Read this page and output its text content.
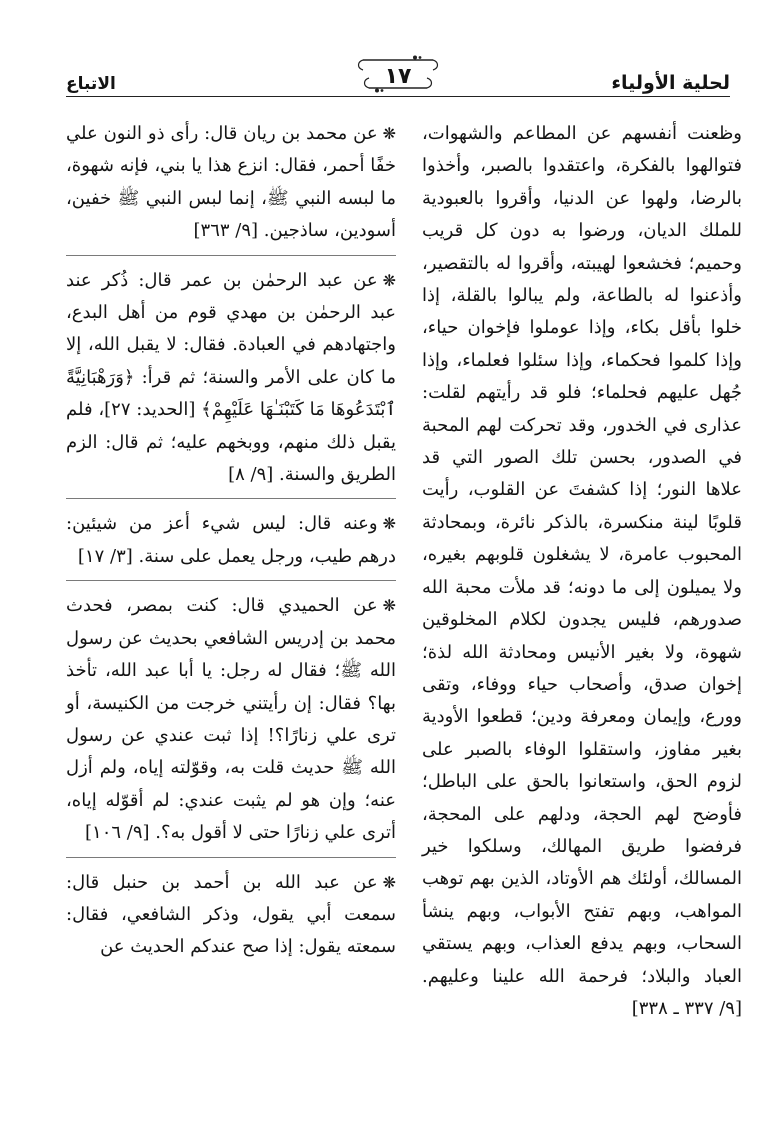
لحلية الأولياء
١٧
الاتباع

وظعنت أنفسهم عن المطاعم والشهوات، فتوالهوا بالفكرة، واعتقدوا بالصبر، وأخذوا بالرضا، ولهوا عن الدنيا، وأقروا بالعبودية للملك الديان، ورضوا به دون كل قريب وحميم؛ فخشعوا لهيبته، وأقروا له بالتقصير، وأذعنوا له بالطاعة، ولم يبالوا بالقلة، إذا خلوا بأقل بكاء، وإذا عوملوا فإخوان حياء، وإذا كلموا فحكماء، وإذا سئلوا فعلماء، وإذا جُهل عليهم فحلماء؛ فلو قد رأيتهم لقلت: عذارى في الخدور، وقد تحركت لهم المحبة في الصدور، بحسن تلك الصور التي قد علاها النور؛ إذا كشفتَ عن القلوب، رأيت قلوبًا لينة منكسرة، بالذكر نائرة، وبمحادثة المحبوب عامرة، لا يشغلون قلوبهم بغيره، ولا يميلون إلى ما دونه؛ قد ملأت محبة الله صدورهم، فليس يجدون لكلام المخلوقين شهوة، ولا بغير الأنيس ومحادثة الله لذة؛ إخوان صدق، وأصحاب حياء ووفاء، وتقى وورع، وإيمان ومعرفة ودين؛ قطعوا الأودية بغير مفاوز، واستقلوا الوفاء بالصبر على لزوم الحق، واستعانوا بالحق على الباطل؛ فأوضح لهم الحجة، ودلهم على المحجة، فرفضوا طريق المهالك، وسلكوا خير المسالك، أولئك هم الأوتاد، الذين بهم توهب المواهب، وبهم تفتح الأبواب، وبهم ينشأ السحاب، وبهم يدفع العذاب، وبهم يستقي العباد والبلاد؛ فرحمة الله علينا وعليهم. [٩/ ٣٣٧ ـ ٣٣٨]

❋عن محمد بن ريان قال: رأى ذو النون علي خفًا أحمر، فقال: انزع هذا يا بني، فإنه شهوة، ما لبسه النبي ﷺ، إنما لبس النبي ﷺ خفين، أسودين، ساذجين. [٩/ ٣٦٣]

❋عن عبد الرحمٰن بن عمر قال: ذُكر عند عبد الرحمٰن بن مهدي قوم من أهل البدع، واجتهادهم في العبادة. فقال: لا يقبل الله، إلا ما كان على الأمر والسنة؛ ثم قرأ: ﴿وَرَهْبَانِيَّةً ٱبْتَدَعُوهَا مَا كَتَبْنَـٰهَا عَلَيْهِمْ﴾ [الحديد: ٢٧]، فلم يقبل ذلك منهم، ووبخهم عليه؛ ثم قال: الزم الطريق والسنة. [٩/ ٨]

❋وعنه قال: ليس شيء أعز من شيئين: درهم طيب، ورجل يعمل على سنة. [٣/ ١٧]

❋عن الحميدي قال: كنت بمصر، فحدث محمد بن إدريس الشافعي بحديث عن رسول الله ﷺ؛ فقال له رجل: يا أبا عبد الله، تأخذ بها؟ فقال: إن رأيتني خرجت من الكنيسة، أو ترى علي زنارًا؟! إذا ثبت عندي عن رسول الله ﷺ حديث قلت به، وقوّلته إياه، ولم أزل عنه؛ وإن هو لم يثبت عندي: لم أقوّله إياه، أترى علي زنارًا حتى لا أقول به؟. [٩/ ١٠٦]

❋عن عبد الله بن أحمد بن حنبل قال: سمعت أبي يقول، وذكر الشافعي، فقال: سمعته يقول: إذا صح عندكم الحديث عن
